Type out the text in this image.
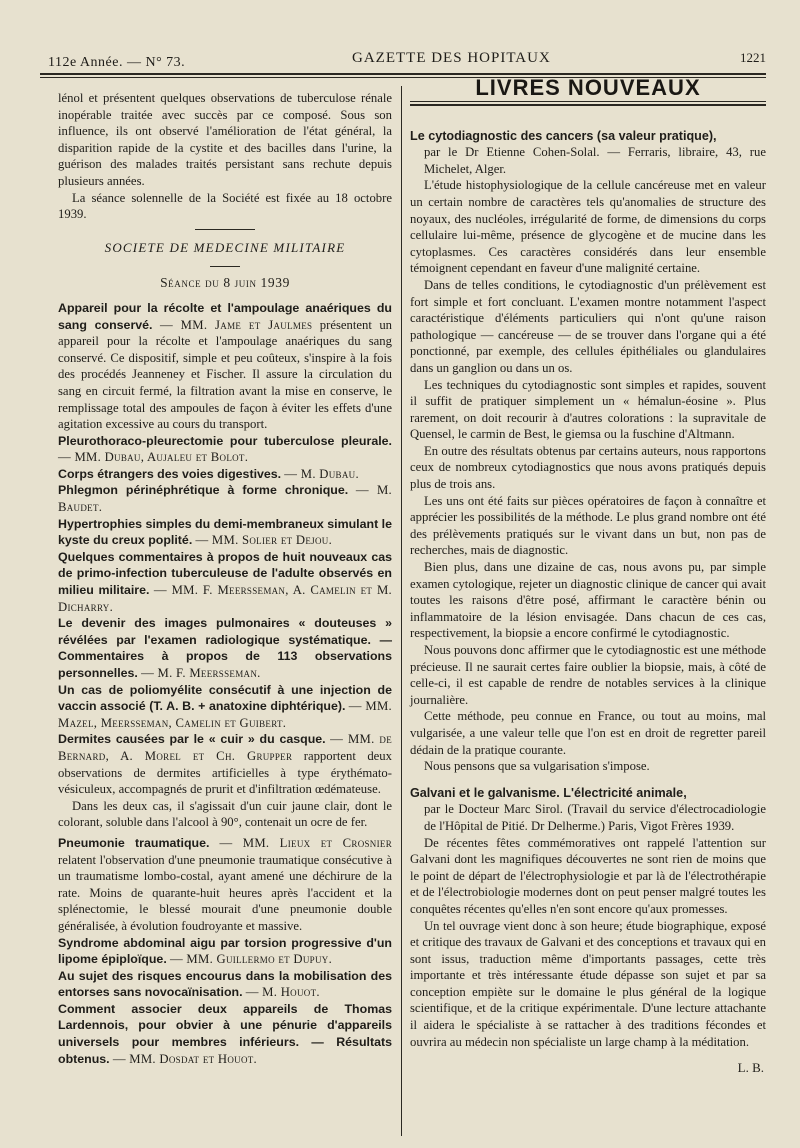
112e Année. — N° 73.	GAZETTE DES HOPITAUX	1221

lénol et présentent quelques observations de tuberculose rénale inopérable traitée avec succès par ce composé. Sous son influence, ils ont observé l'amélioration de l'état général, la disparition rapide de la cystite et des bacilles dans l'urine, la guérison des malades traités persistant sans rechute depuis plusieurs années.

La séance solennelle de la Société est fixée au 18 octobre 1939.

SOCIETE DE MEDECINE MILITAIRE
Séance du 8 juin 1939

Appareil pour la récolte et l'ampoulage anaériques du sang conservé. — MM. Jame et Jaulmes présentent un appareil pour la récolte et l'ampoulage anaériques du sang conservé. Ce dispositif, simple et peu coûteux, s'inspire à la fois des procédés Jeanneney et Fischer. Il assure la circulation du sang en circuit fermé, la filtration avant la mise en conserve, le remplissage total des ampoules de façon à éviter les effets d'une agitation excessive au cours du transport.

Pleurothoraco-pleurectomie pour tuberculose pleurale. — MM. Dubau, Aujaleu et Bolot.

Corps étrangers des voies digestives. — M. Dubau.

Phlegmon périnéphrétique à forme chronique. — M. Baudet.

Hypertrophies simples du demi-membraneux simulant le kyste du creux poplité. — MM. Solier et Dejou.

Quelques commentaires à propos de huit nouveaux cas de primo-infection tuberculeuse de l'adulte observés en milieu militaire. — MM. F. Meersseman, A. Camelin et M. Dicharry.

Le devenir des images pulmonaires « douteuses » révélées par l'examen radiologique systématique. — Commentaires à propos de 113 observations personnelles. — M. F. Meersseman.

Un cas de poliomyélite consécutif à une injection de vaccin associé (T. A. B. + anatoxine diphtérique). — MM. Mazel, Meersseman, Camelin et Guibert.

Dermites causées par le « cuir » du casque. — MM. de Bernard, A. Morel et Ch. Grupper rapportent deux observations de dermites artificielles à type érythémato-vésiculeux, accompagnés de prurit et d'infiltration œdémateuse.

Dans les deux cas, il s'agissait d'un cuir jaune clair, dont le colorant, soluble dans l'alcool à 90°, contenait un ocre de fer.

Pneumonie traumatique. — MM. Lieux et Crosnier relatent l'observation d'une pneumonie traumatique consécutive à un traumatisme lombo-costal, ayant amené une déchirure de la rate. Moins de quarante-huit heures après l'accident et la splénectomie, le blessé mourait d'une pneumonie double généralisée, à évolution foudroyante et massive.

Syndrome abdominal aigu par torsion progressive d'un lipome épiploïque. — MM. Guillermo et Dupuy.

Au sujet des risques encourus dans la mobilisation des entorses sans novocaïnisation. — M. Houot.

Comment associer deux appareils de Thomas Lardennois, pour obvier à une pénurie d'appareils universels pour membres inférieurs. — Résultats obtenus. — MM. Dosdat et Houot.

LIVRES NOUVEAUX

Le cytodiagnostic des cancers (sa valeur pratique),
par le Dr Etienne Cohen-Solal. — Ferraris, libraire, 43, rue Michelet, Alger.

L'étude histophysiologique de la cellule cancéreuse met en valeur un certain nombre de caractères tels qu'anomalies de structure des noyaux, des nucléoles, irrégularité de forme, de dimensions du corps cellulaire lui-même, présence de glycogène et de mucine dans les cytoplasmes. Ces caractères considérés dans leur ensemble témoignent cependant en faveur d'une malignité certaine.

Dans de telles conditions, le cytodiagnostic d'un prélèvement est fort simple et fort concluant. L'examen montre notamment l'aspect caractéristique d'éléments particuliers qui n'ont qu'une raison pathologique — cancéreuse — de se trouver dans l'organe qui a été ponctionné, par exemple, des cellules épithéliales ou glandulaires dans un ganglion ou dans un os.

Les techniques du cytodiagnostic sont simples et rapides, souvent il suffit de pratiquer simplement un « hémalun-éosine ». Plus rarement, on doit recourir à d'autres colorations : la supravitale de Quensel, le carmin de Best, le giemsa ou la fuschine d'Altmann.

En outre des résultats obtenus par certains auteurs, nous rapportons ceux de nombreux cytodiagnostics que nous avons pratiqués depuis plus de trois ans.

Les uns ont été faits sur pièces opératoires de façon à connaître et apprécier les possibilités de la méthode. Le plus grand nombre ont été des prélèvements pratiqués sur le vivant dans un but, non pas de recherches, mais de diagnostic.

Bien plus, dans une dizaine de cas, nous avons pu, par simple examen cytologique, rejeter un diagnostic clinique de cancer qui avait toutes les raisons d'être posé, affirmant le caractère bénin ou inflammatoire de la lésion envisagée. Dans chacun de ces cas, respectivement, la biopsie a encore confirmé le cytodiagnostic.

Nous pouvons donc affirmer que le cytodiagnostic est une méthode précieuse. Il ne saurait certes faire oublier la biopsie, mais, à côté de celle-ci, il est capable de rendre de notables services à la clinique journalière.

Cette méthode, peu connue en France, ou tout au moins, mal vulgarisée, a une valeur telle que l'on est en droit de regretter pareil dédain de la pratique courante.

Nous pensons que sa vulgarisation s'impose.

Galvani et le galvanisme. L'électricité animale,
par le Docteur Marc Sirol. (Travail du service d'électrocadiologie de l'Hôpital de Pitié. Dr Delherme.) Paris, Vigot Frères 1939.

De récentes fêtes commémoratives ont rappelé l'attention sur Galvani dont les magnifiques découvertes ne sont rien de moins que le point de départ de l'électrophysiologie et par là de l'électrothérapie et de l'électrobiologie modernes dont on peut penser malgré toutes les conquêtes récentes qu'elles n'en sont encore qu'aux promesses.

Un tel ouvrage vient donc à son heure; étude biographique, exposé et critique des travaux de Galvani et des conceptions et travaux qui en sont issus, traduction même d'importants passages, cette très importante et très intéressante étude dépasse son sujet et par sa conception empiète sur le domaine le plus général de la logique scientifique, et de la critique expérimentale. D'une lecture attachante il aidera le spécialiste à se rattacher à des traditions fécondes et ouvrira au médecin non spécialiste un large champ à la méditation.

L. B.
